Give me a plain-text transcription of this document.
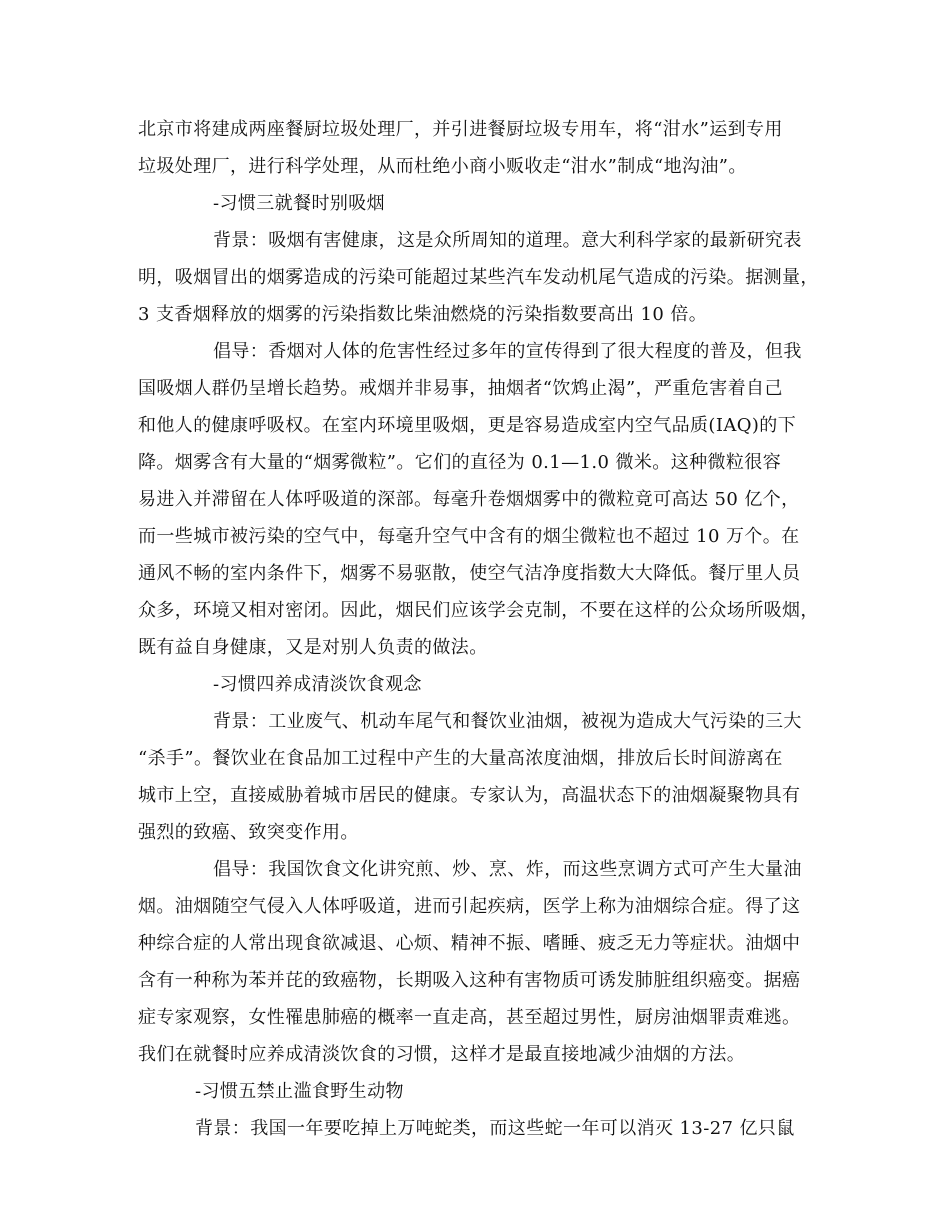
北京市将建成两座餐厨垃圾处理厂，并引进餐厨垃圾专用车，将“泔水”运到专用
垃圾处理厂，进行科学处理，从而杜绝小商小贩收走“泔水”制成“地沟油”。
-习惯三就餐时别吸烟
背景：吸烟有害健康，这是众所周知的道理。意大利科学家的最新研究表
明，吸烟冒出的烟雾造成的污染可能超过某些汽车发动机尾气造成的污染。据测量，
3 支香烟释放的烟雾的污染指数比柴油燃烧的污染指数要高出 10 倍。
倡导：香烟对人体的危害性经过多年的宣传得到了很大程度的普及，但我
国吸烟人群仍呈增长趋势。戒烟并非易事，抽烟者“饮鸩止渴”，严重危害着自己
和他人的健康呼吸权。在室内环境里吸烟，更是容易造成室内空气品质(IAQ)的下
降。烟雾含有大量的“烟雾微粒”。它们的直径为 0.1—1.0 微米。这种微粒很容
易进入并滞留在人体呼吸道的深部。每毫升卷烟烟雾中的微粒竟可高达 50 亿个，
而一些城市被污染的空气中，每毫升空气中含有的烟尘微粒也不超过 10 万个。在
通风不畅的室内条件下，烟雾不易驱散，使空气洁净度指数大大降低。餐厅里人员
众多，环境又相对密闭。因此，烟民们应该学会克制，不要在这样的公众场所吸烟，
既有益自身健康，又是对别人负责的做法。
-习惯四养成清淡饮食观念
背景：工业废气、机动车尾气和餐饮业油烟，被视为造成大气污染的三大
“杀手”。餐饮业在食品加工过程中产生的大量高浓度油烟，排放后长时间游离在
城市上空，直接威胁着城市居民的健康。专家认为，高温状态下的油烟凝聚物具有
强烈的致癌、致突变作用。
倡导：我国饮食文化讲究煎、炒、烹、炸，而这些烹调方式可产生大量油
烟。油烟随空气侵入人体呼吸道，进而引起疾病，医学上称为油烟综合症。得了这
种综合症的人常出现食欲减退、心烦、精神不振、嗜睡、疲乏无力等症状。油烟中
含有一种称为苯并芘的致癌物，长期吸入这种有害物质可诱发肺脏组织癌变。据癌
症专家观察，女性罹患肺癌的概率一直走高，甚至超过男性，厨房油烟罪责难逃。
我们在就餐时应养成清淡饮食的习惯，这样才是最直接地减少油烟的方法。
-习惯五禁止滥食野生动物
背景：我国一年要吃掉上万吨蛇类，而这些蛇一年可以消灭 13-27 亿只鼠
